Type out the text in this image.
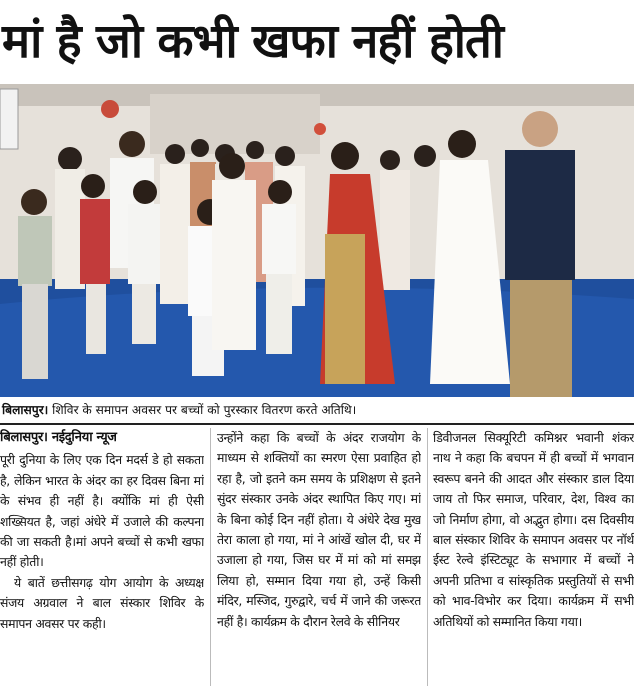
मां है जो कभी खफा नहीं होती
बिलासपुर। शिविर के समापन अवसर पर बच्चों को पुरस्कार वितरण करते अतिथि।
बिलासपुर। नईदुनिया न्यूज

पूरी दुनिया के लिए एक दिन मदर्स डे हो सकता है, लेकिन भारत के अंदर का हर दिवस बिना मां के संभव ही नहीं है। क्योंकि मां ही ऐसी शख्सियत है, जहां अंधेरे में उजाले की कल्पना की जा सकती है।मां अपने बच्चों से कभी खफा नहीं होती।

ये बातें छत्तीसगढ़ योग आयोग के अध्यक्ष संजय अग्रवाल ने बाल संस्कार शिविर के समापन अवसर पर कही।

उन्होंने कहा कि बच्चों के अंदर राजयोग के माध्यम से शक्तियों का स्मरण ऐसा प्रवाहित हो रहा है, जो इतने कम समय के प्रशिक्षण से इतने सुंदर संस्कार उनके अंदर स्थापित किए गए। मां के बिना कोई दिन नहीं होता। ये अंधेरे देख मुख तेरा काला हो गया, मां ने आंखें खोल दी, घर में उजाला हो गया, जिस घर में मां को मां समझ लिया हो, सम्मान दिया गया हो, उन्हें किसी मंदिर, मस्जिद, गुरुद्वारे, चर्च में जाने की जरूरत नहीं है। कार्यक्रम के दौरान रेलवे के सीनियर

डिवीजनल सिक्यूरिटी कमिश्नर भवानी शंकर नाथ ने कहा कि बचपन में ही बच्चों में भगवान स्वरूप बनने की आदत और संस्कार डाल दिया जाय तो फिर समाज, परिवार, देश, विश्व का जो निर्माण होगा, वो अद्भुत होगा। दस दिवसीय बाल संस्कार शिविर के समापन अवसर पर नॉर्थ ईस्ट रेल्वे इंस्टिट्यूट के सभागार में बच्चों ने अपनी प्रतिभा व सांस्कृतिक प्रस्तुतियों से सभी को भाव-विभोर कर दिया। कार्यक्रम में सभी अतिथियों को सम्मानित किया गया।
